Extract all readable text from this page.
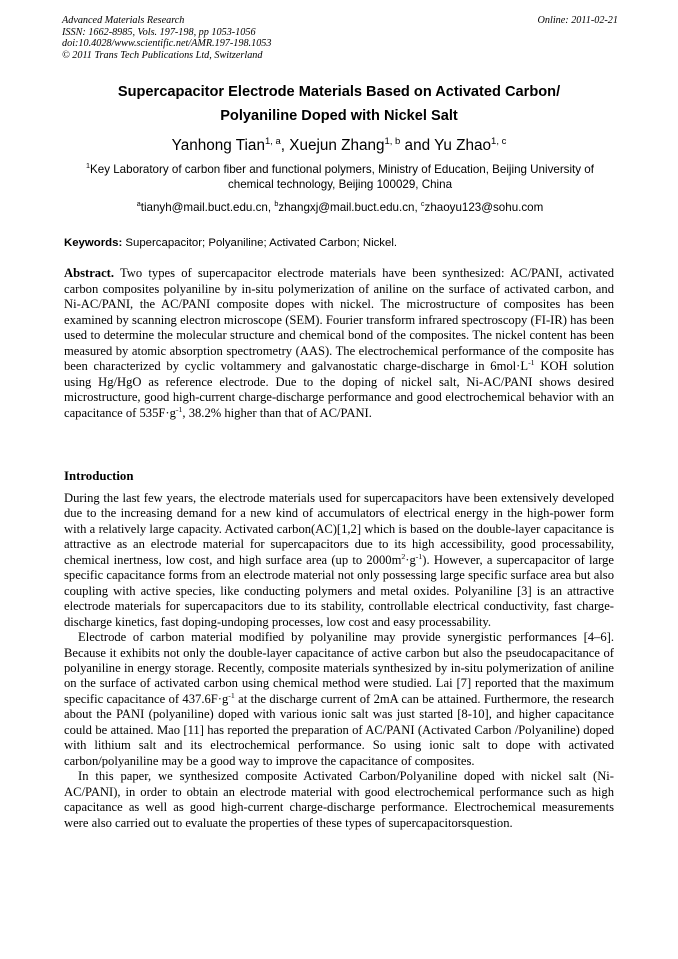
Advanced Materials Research
ISSN: 1662-8985, Vols. 197-198, pp 1053-1056
doi:10.4028/www.scientific.net/AMR.197-198.1053
© 2011 Trans Tech Publications Ltd, Switzerland
Online: 2011-02-21
Supercapacitor Electrode Materials Based on Activated Carbon/
Polyaniline Doped with Nickel Salt
Yanhong Tian$^{1, a}$, Xuejun Zhang$^{1, b}$ and Yu Zhao$^{1, c}$
$^1$Key Laboratory of carbon fiber and functional polymers, Ministry of Education, Beijing University of chemical technology, Beijing 100029, China
$^a$tianyh@mail.buct.edu.cn, $^b$zhangxj@mail.buct.edu.cn, $^c$zhaoyu123@sohu.com
Keywords: Supercapacitor; Polyaniline; Activated Carbon; Nickel.
Abstract. Two types of supercapacitor electrode materials have been synthesized: AC/PANI, activated carbon composites polyaniline by in-situ polymerization of aniline on the surface of activated carbon, and Ni-AC/PANI, the AC/PANI composite dopes with nickel. The microstructure of composites has been examined by scanning electron microscope (SEM). Fourier transform infrared spectroscopy (FI-IR) has been used to determine the molecular structure and chemical bond of the composites. The nickel content has been measured by atomic absorption spectrometry (AAS). The electrochemical performance of the composite has been characterized by cyclic voltammery and galvanostatic charge-discharge in $6mol\cdot L^{-1}$ KOH solution using Hg/HgO as reference electrode. Due to the doping of nickel salt, Ni-AC/PANI shows desired microstructure, good high-current charge-discharge performance and good electrochemical behavior with an capacitance of $535F\cdot g^{-1}$, 38.2% higher than that of AC/PANI.
Introduction

During the last few years, the electrode materials used for supercapacitors have been extensively developed due to the increasing demand for a new kind of accumulators of electrical energy in the high-power form with a relatively large capacity. Activated carbon(AC)[1,2] which is based on the double-layer capacitance is attractive as an electrode material for supercapacitors due to its high accessibility, good processability, chemical inertness, low cost, and high surface area (up to $2000m^2\cdot g^{-1}$). However, a supercapacitor of large specific capacitance forms from an electrode material not only possessing large specific surface area but also coupling with active species, like conducting polymers and metal oxides. Polyaniline [3] is an attractive electrode materials for supercapacitors due to its stability, controllable electrical conductivity, fast charge-discharge kinetics, fast doping-undoping processes, low cost and easy processability.

Electrode of carbon material modified by polyaniline may provide synergistic performances [4–6]. Because it exhibits not only the double-layer capacitance of active carbon but also the pseudocapacitance of polyaniline in energy storage. Recently, composite materials synthesized by in-situ polymerization of aniline on the surface of activated carbon using chemical method were studied. Lai [7] reported that the maximum specific capacitance of $437.6F\cdot g^{-1}$ at the discharge current of 2mA can be attained. Furthermore, the research about the PANI (polyaniline) doped with various ionic salt was just started [8-10], and higher capacitance could be attained. Mao [11] has reported the preparation of AC/PANI (Activated Carbon /Polyaniline) doped with lithium salt and its electrochemical performance. So using ionic salt to dope with activated carbon/polyaniline may be a good way to improve the capacitance of composites.

In this paper, we synthesized composite Activated Carbon/Polyaniline doped with nickel salt (Ni-AC/PANI), in order to obtain an electrode material with good electrochemical performance such as high capacitance as well as good high-current charge-discharge performance. Electrochemical measurements were also carried out to evaluate the properties of these types of supercapacitorsquestion.
